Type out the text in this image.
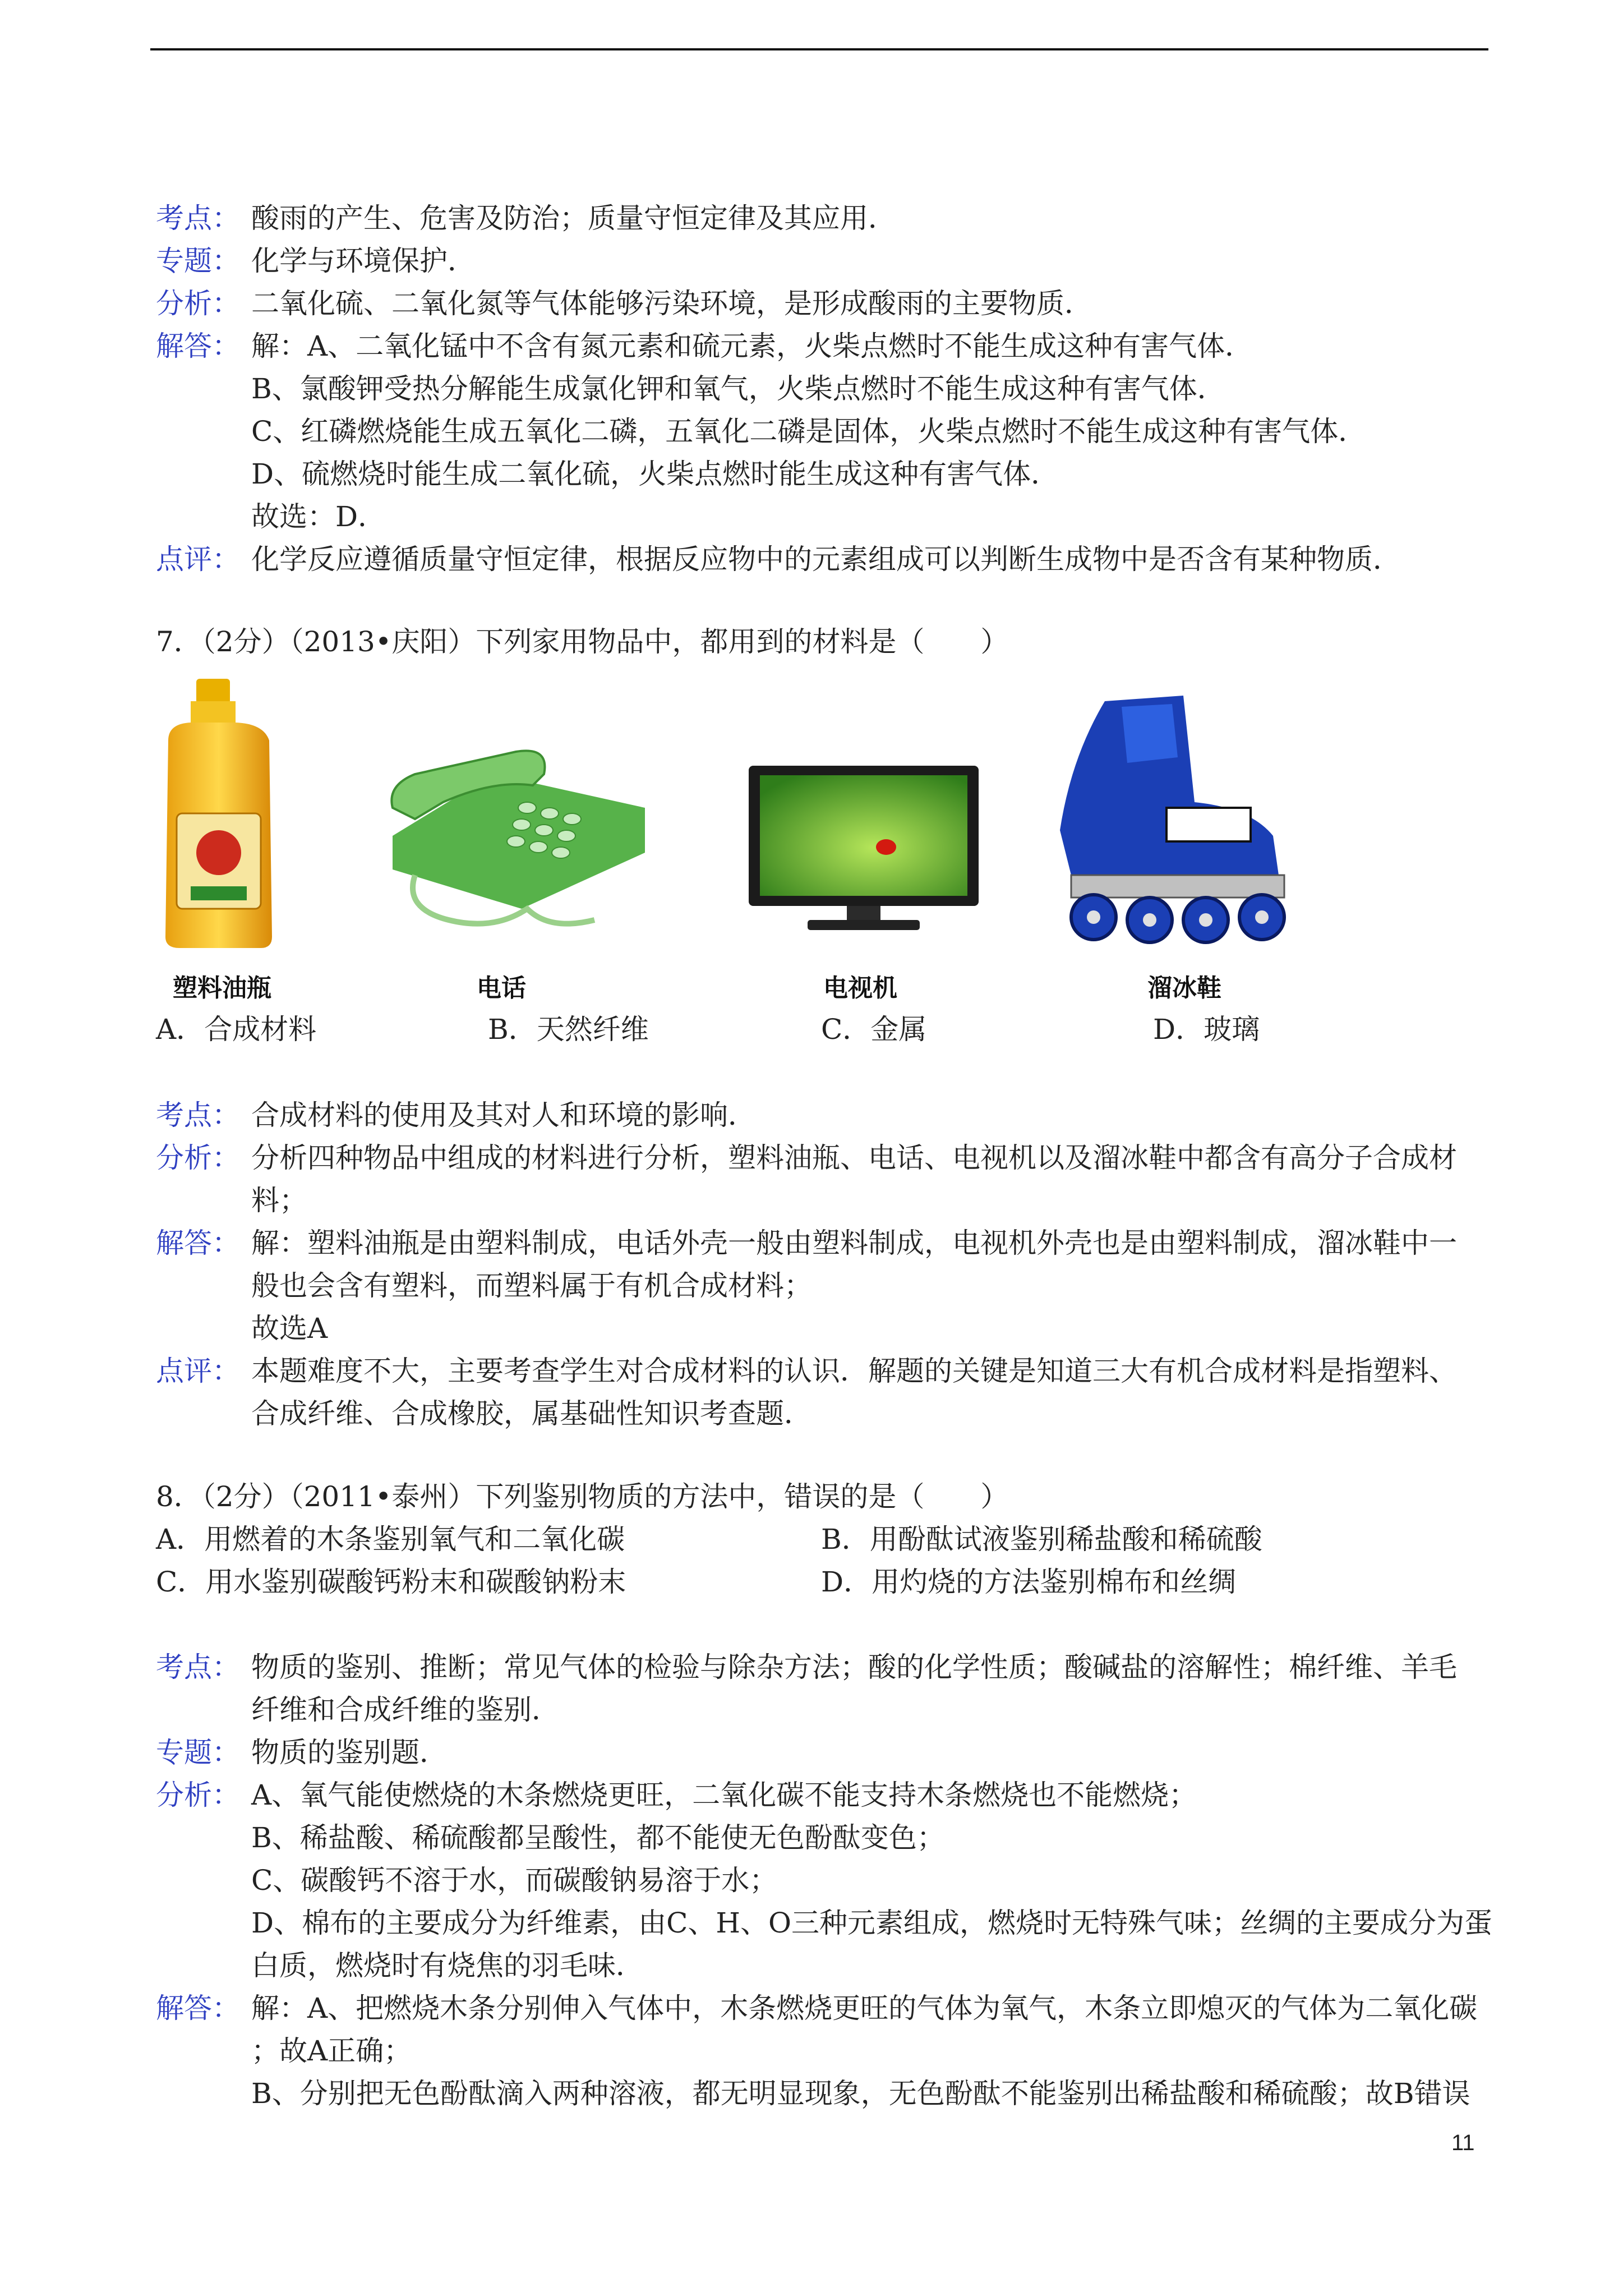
考点： 酸雨的产生、危害及防治；质量守恒定律及其应用．
专题： 化学与环境保护．
分析： 二氧化硫、二氧化氮等气体能够污染环境，是形成酸雨的主要物质．
解答： 解：A、二氧化锰中不含有氮元素和硫元素，火柴点燃时不能生成这种有害气体．
B、氯酸钾受热分解能生成氯化钾和氧气，火柴点燃时不能生成这种有害气体．
C、红磷燃烧能生成五氧化二磷，五氧化二磷是固体，火柴点燃时不能生成这种有害气体．
D、硫燃烧时能生成二氧化硫，火柴点燃时能生成这种有害气体．
故选：D．
点评： 化学反应遵循质量守恒定律，根据反应物中的元素组成可以判断生成物中是否含有某种物质．
7．（2分）（2013•庆阳）下列家用物品中，都用到的材料是（　　）
塑料油瓶	电话	电视机	溜冰鞋
A．合成材料	B．天然纤维	C．金属	D．玻璃
考点： 合成材料的使用及其对人和环境的影响．
分析： 分析四种物品中组成的材料进行分析，塑料油瓶、电话、电视机以及溜冰鞋中都含有高分子合成材
料；
解答： 解：塑料油瓶是由塑料制成，电话外壳一般由塑料制成，电视机外壳也是由塑料制成，溜冰鞋中一
般也会含有塑料，而塑料属于有机合成材料；
故选A
点评： 本题难度不大，主要考查学生对合成材料的认识．解题的关键是知道三大有机合成材料是指塑料、
合成纤维、合成橡胶，属基础性知识考查题．
8．（2分）（2011•泰州）下列鉴别物质的方法中，错误的是（　　）
A．用燃着的木条鉴别氧气和二氧化碳	B．用酚酞试液鉴别稀盐酸和稀硫酸
C．用水鉴别碳酸钙粉末和碳酸钠粉末	D．用灼烧的方法鉴别棉布和丝绸
考点： 物质的鉴别、推断；常见气体的检验与除杂方法；酸的化学性质；酸碱盐的溶解性；棉纤维、羊毛
纤维和合成纤维的鉴别．
专题： 物质的鉴别题．
分析： A、氧气能使燃烧的木条燃烧更旺，二氧化碳不能支持木条燃烧也不能燃烧；
B、稀盐酸、稀硫酸都呈酸性，都不能使无色酚酞变色；
C、碳酸钙不溶于水，而碳酸钠易溶于水；
D、棉布的主要成分为纤维素，由C、H、O三种元素组成，燃烧时无特殊气味；丝绸的主要成分为蛋
白质，燃烧时有烧焦的羽毛味．
解答： 解：A、把燃烧木条分别伸入气体中，木条燃烧更旺的气体为氧气，木条立即熄灭的气体为二氧化碳
；故A正确；
B、分别把无色酚酞滴入两种溶液，都无明显现象，无色酚酞不能鉴别出稀盐酸和稀硫酸；故B错误
11
